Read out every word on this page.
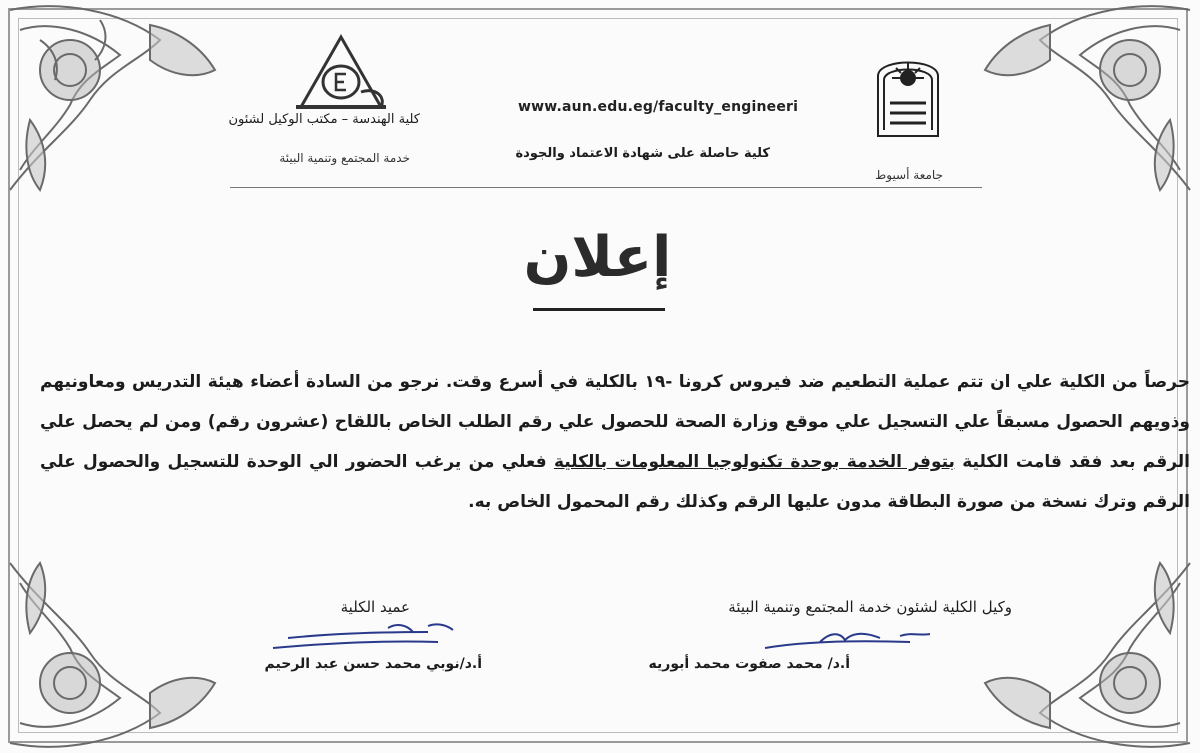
كلية الهندسة – مكتب الوكيل لشئون
خدمة المجتمع وتنمية البيئة
www.aun.edu.eg/faculty_engineeri
كلية حاصلة على شهادة الاعتماد والجودة
جامعة أسيوط
إعلان
حرصاً من الكلية علي ان تتم عملية التطعيم ضد فيروس كرونا -١٩ بالكلية في أسرع وقت. نرجو من السادة أعضاء هيئة التدريس ومعاونيهم وذويهم الحصول مسبقاً علي التسجيل علي موقع وزارة الصحة للحصول علي رقم الطلب الخاص باللقاح (عشرون رقم) ومن لم يحصل علي الرقم بعد فقد قامت الكلية بتوفر الخدمة بوحدة تكنولوجيا المعلومات بالكلية فعلي من يرغب الحضور الي الوحدة للتسجيل والحصول علي الرقم وترك نسخة من صورة البطاقة مدون عليها الرقم وكذلك رقم المحمول الخاص به.
وكيل الكلية لشئون خدمة المجتمع وتنمية البيئة
عميد الكلية
أ.د/ محمد صفوت محمد أبوريه
أ.د/نوبي محمد حسن عبد الرحيم
